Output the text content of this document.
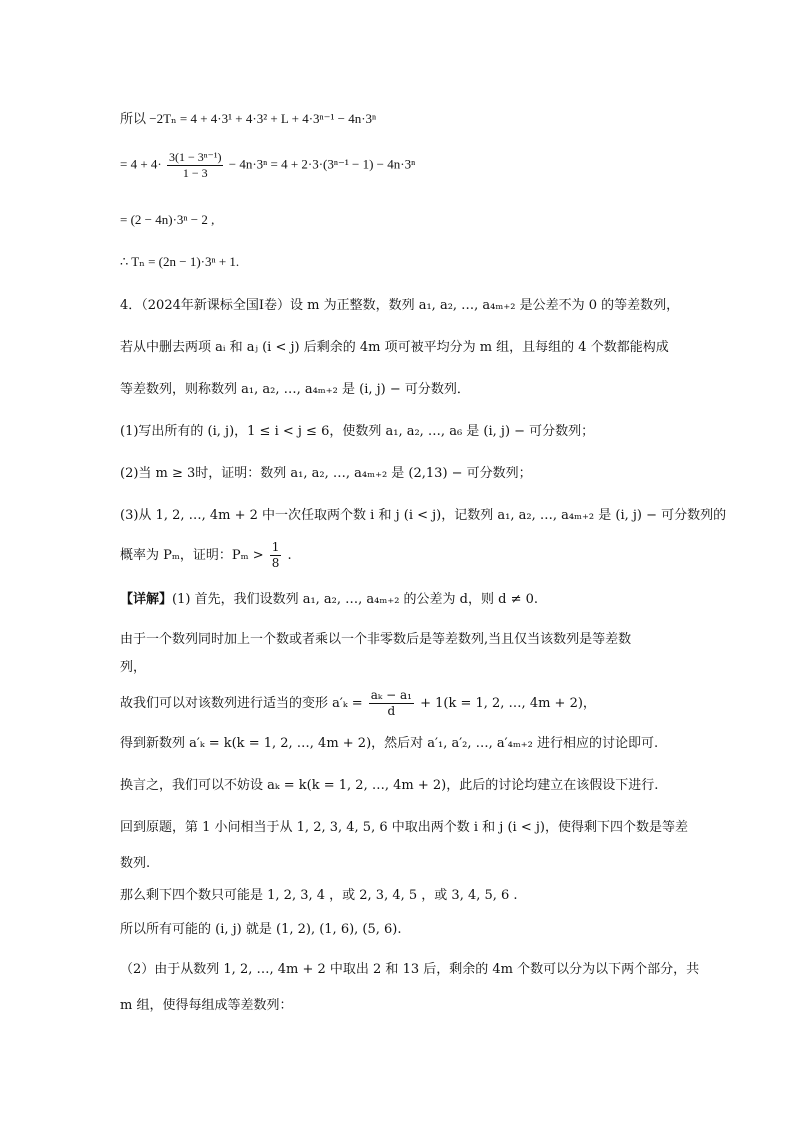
所以 −2Tₙ = 4 + 4·3¹ + 4·3² + L + 4·3ⁿ⁻¹ − 4n·3ⁿ
= $4 + 4\cdot \frac{\text{3(1 − 3ⁿ⁻¹)}}{1 - 3} - 4n\cdot 3^n = 4 + 2\cdot 3\cdot(3^{n-1} - 1) - 4n\cdot 3^n$
= (2 − 4n)·3ⁿ − 2 ,
∴ Tₙ = (2n − 1)·3ⁿ + 1.
4．（2024年新课标全国Ⅰ卷）设 m 为正整数，数列 a₁, a₂, …, a₄ₘ₊₂ 是公差不为 0 的等差数列，
若从中删去两项 aᵢ 和 aⱼ (i < j) 后剩余的 4m 项可被平均分为 m 组，且每组的 4 个数都能构成
等差数列，则称数列 a₁, a₂, …, a₄ₘ₊₂ 是 (i, j) − 可分数列．
(1)写出所有的 (i, j)，1 ≤ i < j ≤ 6，使数列 a₁, a₂, …, a₆ 是 (i, j) − 可分数列；
(2)当 m ≥ 3时，证明：数列 a₁, a₂, …, a₄ₘ₊₂ 是 (2,13) − 可分数列；
(3)从 1, 2, …, 4m + 2 中一次任取两个数 i 和 j (i < j)，记数列 a₁, a₂, …, a₄ₘ₊₂ 是 (i, j) − 可分数列的
概率为 Pₘ，证明：$P_m > \frac{1}{8}$ .
【详解】(1) 首先，我们设数列 a₁, a₂, …, a₄ₘ₊₂ 的公差为 d，则 d ≠ 0.
由于一个数列同时加上一个数或者乘以一个非零数后是等差数列,当且仅当该数列是等差数
列，
故我们可以对该数列进行适当的变形 $a'_k = \frac{\text{aₖ − a₁}}{d} + 1(k = 1$, 2, …, 4m + 2)，
得到新数列 a′ₖ = k(k = 1, 2, …, 4m + 2)，然后对 a′₁, a′₂, …, a′₄ₘ₊₂ 进行相应的讨论即可.
换言之，我们可以不妨设 aₖ = k(k = 1, 2, …, 4m + 2)，此后的讨论均建立在该假设下进行.
回到原题，第 1 小问相当于从 1, 2, 3, 4, 5, 6 中取出两个数 i 和 j (i < j)，使得剩下四个数是等差
数列.
那么剩下四个数只可能是 1, 2, 3, 4 ，或 2, 3, 4, 5 ，或 3, 4, 5, 6 .
所以所有可能的 (i, j) 就是 (1, 2), (1, 6), (5, 6).
（2）由于从数列 1, 2, …, 4m + 2 中取出 2 和 13 后，剩余的 4m 个数可以分为以下两个部分，共
m 组，使得每组成等差数列：
